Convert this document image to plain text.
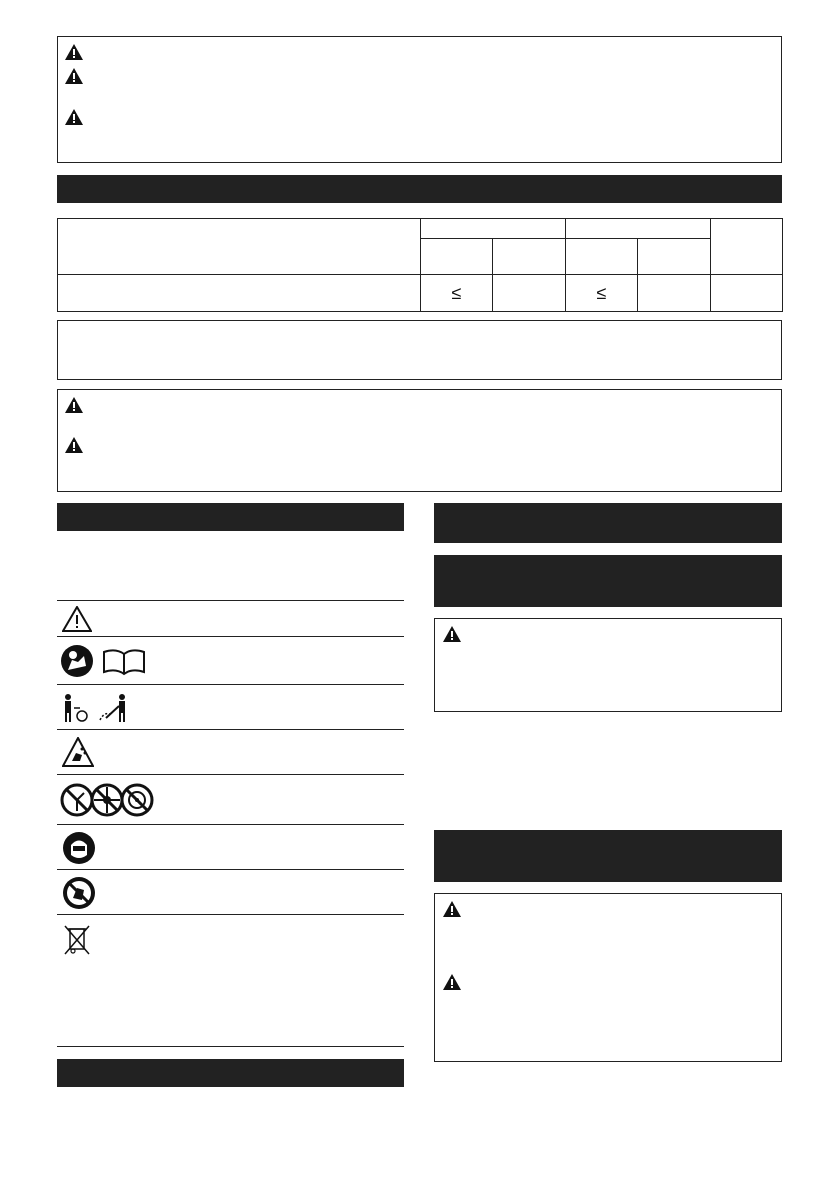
	≤		≤		
